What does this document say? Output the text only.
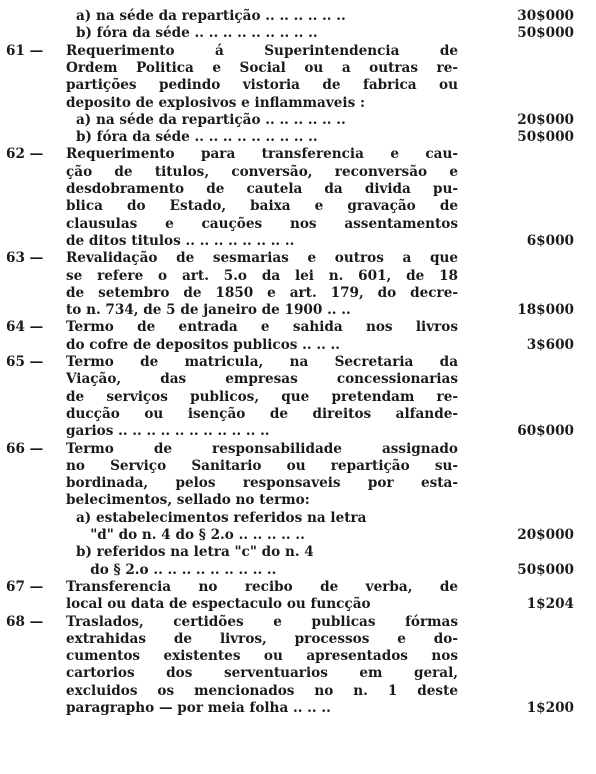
a) na séde da repartição .. .. .. .. .. ..	30$000
b) fóra da séde .. .. .. .. .. .. .. .. ..	50$000
61 — Requerimento á Superintendencia de
Ordem Politica e Social ou a outras re-
partições pedindo vistoria de fabrica ou
deposito de explosivos e inflammaveis :
a) na séde da repartição .. .. .. .. .. ..	20$000
b) fóra da séde .. .. .. .. .. .. .. .. ..	50$000
62 — Requerimento para transferencia e cau-
ção de titulos, conversão, reconversão e
desdobramento de cautela da divida pu-
blica do Estado, baixa e gravação de
clausulas e cauções nos assentamentos
de ditos titulos .. .. .. .. .. .. .. ..	6$000
63 — Revalidação de sesmarias e outros a que
se refere o art. 5.o da lei n. 601, de 18
de setembro de 1850 e art. 179, do decre-
to n. 734, de 5 de janeiro de 1900 .. ..	18$000
64 — Termo de entrada e sahida nos livros
do cofre de depositos publicos .. .. ..	3$600
65 — Termo de matricula, na Secretaria da
Viação, das empresas concessionarias
de serviços publicos, que pretendam re-
ducção ou isenção de direitos alfande-
garios .. .. .. .. .. .. .. .. .. .. ..	60$000
66 — Termo de responsabilidade assignado
no Serviço Sanitario ou repartição su-
bordinada, pelos responsaveis por esta-
belecimentos, sellado no termo:
a) estabelecimentos referidos na letra
"d" do n. 4 do § 2.o .. .. .. .. ..	20$000
b) referidos na letra "c" do n. 4
do § 2.o .. .. .. .. .. .. .. .. ..	50$000
67 — Transferencia no recibo de verba, de
local ou data de espectaculo ou funcção	1$204
68 — Traslados, certidões e publicas fórmas
extrahidas de livros, processos e do-
cumentos existentes ou apresentados nos
cartorios dos serventuarios em geral,
excluidos os mencionados no n. 1 deste
paragrapho — por meia folha .. .. ..	1$200
